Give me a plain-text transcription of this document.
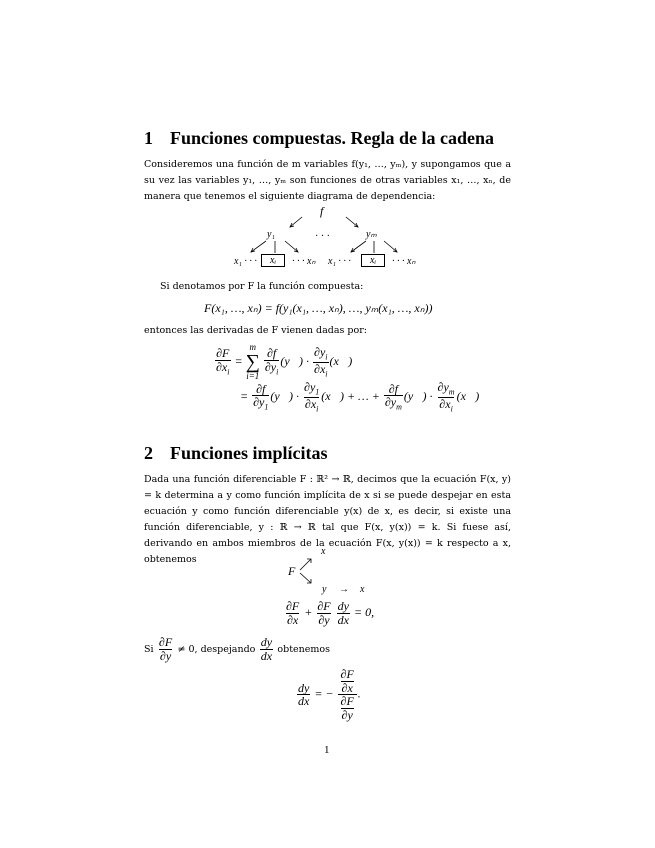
1 Funciones compuestas. Regla de la cadena
Consideremos una función de m variables f(y₁, …, yₘ), y supongamos que a su vez las variables y₁, …, yₘ son funciones de otras variables x₁, …, xₙ, de manera que tenemos el siguiente diagrama de dependencia:
f
y₁	· · ·	yₘ
x₁ · · ·	xᵢ	· · · xₙ x₁ · · ·	xᵢ	· · · xₙ
Si denotamos por F la función compuesta:
F(x₁, …, xₙ) = f(y₁(x₁, …, xₙ), …, yₘ(x₁, …, xₙ))
entonces las derivadas de F vienen dadas por:
$\frac{\partial F}{\partial x_i}$ =
m
∑
i=1
$\frac{\partial f}{\partial y_i}$ (y⃗) · $\frac{\partial y_i}{\partial x_i}$ (x⃗)
= $\frac{\partial f}{\partial y_1}$ (y⃗) · $\frac{\partial y_1}{\partial x_i}$ (x⃗) + … + $\frac{\partial f}{\partial y_m}$ (y⃗) · $\frac{\partial y_m}{\partial x_i}$ (x⃗)
2 Funciones implícitas
Dada una función diferenciable F : ℝ² → ℝ, decimos que la ecuación F(x, y) = k determina a y como función implícita de x si se puede despejar en esta ecuación y como función diferenciable y(x) de x, es decir, si existe una función diferenciable, y : ℝ → ℝ tal que F(x, y(x)) = k. Si fuese así, derivando en ambos miembros de la ecuación F(x, y(x)) = k respecto a x, obtenemos
x
F
y → x
$\frac{\partial F}{\partial x} + \frac{\partial F}{\partial y}$
$\frac{dy}{dx} = 0$,
Si $\frac{\partial F}{\partial y} \ne 0$, despejando $\frac{dy}{dx}$ obtenemos
$\frac{dy}{dx}$ = − $\frac{\frac{\partial F}{\partial x}}{\frac{\partial F}{\partial y}}$ .
1
